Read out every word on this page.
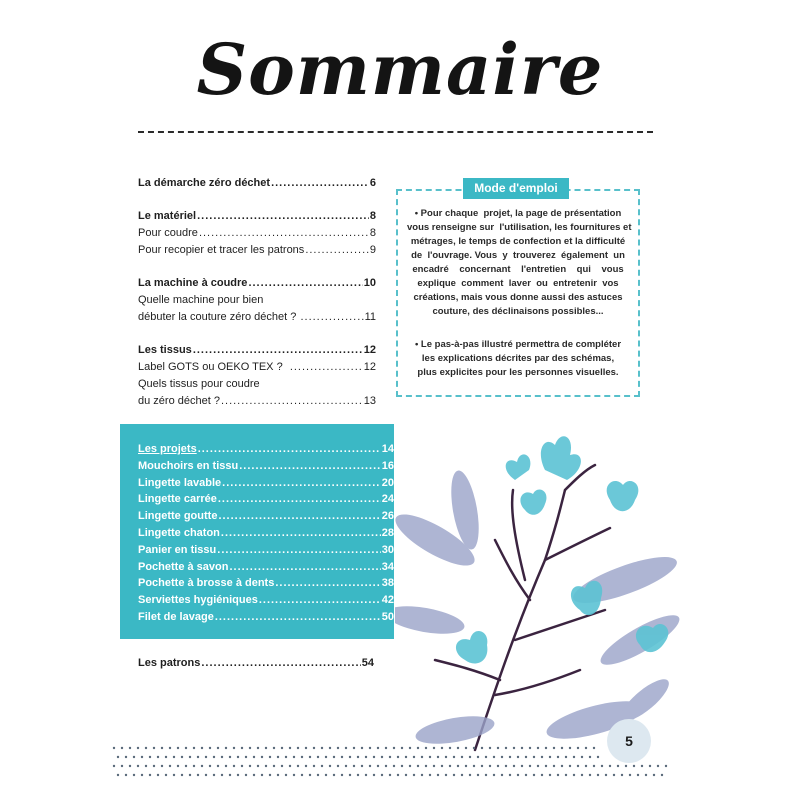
Sommaire
La démarche zéro déchet .....	6
Le matériel .....	8
Pour coudre .....	8
Pour recopier et tracer les patrons .....	9
La machine à coudre .....	10
Quelle machine pour bien
débuter la couture zéro déchet ? .....	11
Les tissus .....	12
Label GOTS ou OEKO TEX ? .....	12
Quels tissus pour coudre
du zéro déchet ? .....	13
Les projets .....	14
Mouchoirs en tissu .....	16
Lingette lavable .....	20
Lingette carrée .....	24
Lingette goutte .....	26
Lingette chaton .....	28
Panier en tissu .....	30
Pochette à savon .....	34
Pochette à brosse à dents .....	38
Serviettes hygiéniques .....	42
Filet de lavage .....	50
Les patrons .....	54
Mode d'emploi
• Pour chaque  projet, la page de présentation
vous renseigne sur  l'utilisation, les fournitures et
métrages, le temps de confection et la difficulté
de  l'ouvrage. Vous  y  trouverez  également  un
encadré    concernant    l'entretien    qui    vous
explique  comment  laver  ou  entretenir  vos
créations, mais vous donne aussi des astuces
couture, des déclinaisons possibles...
• Le pas-à-pas illustré permettra de compléter
les explications décrites par des schémas,
plus explicites pour les personnes visuelles.
5
